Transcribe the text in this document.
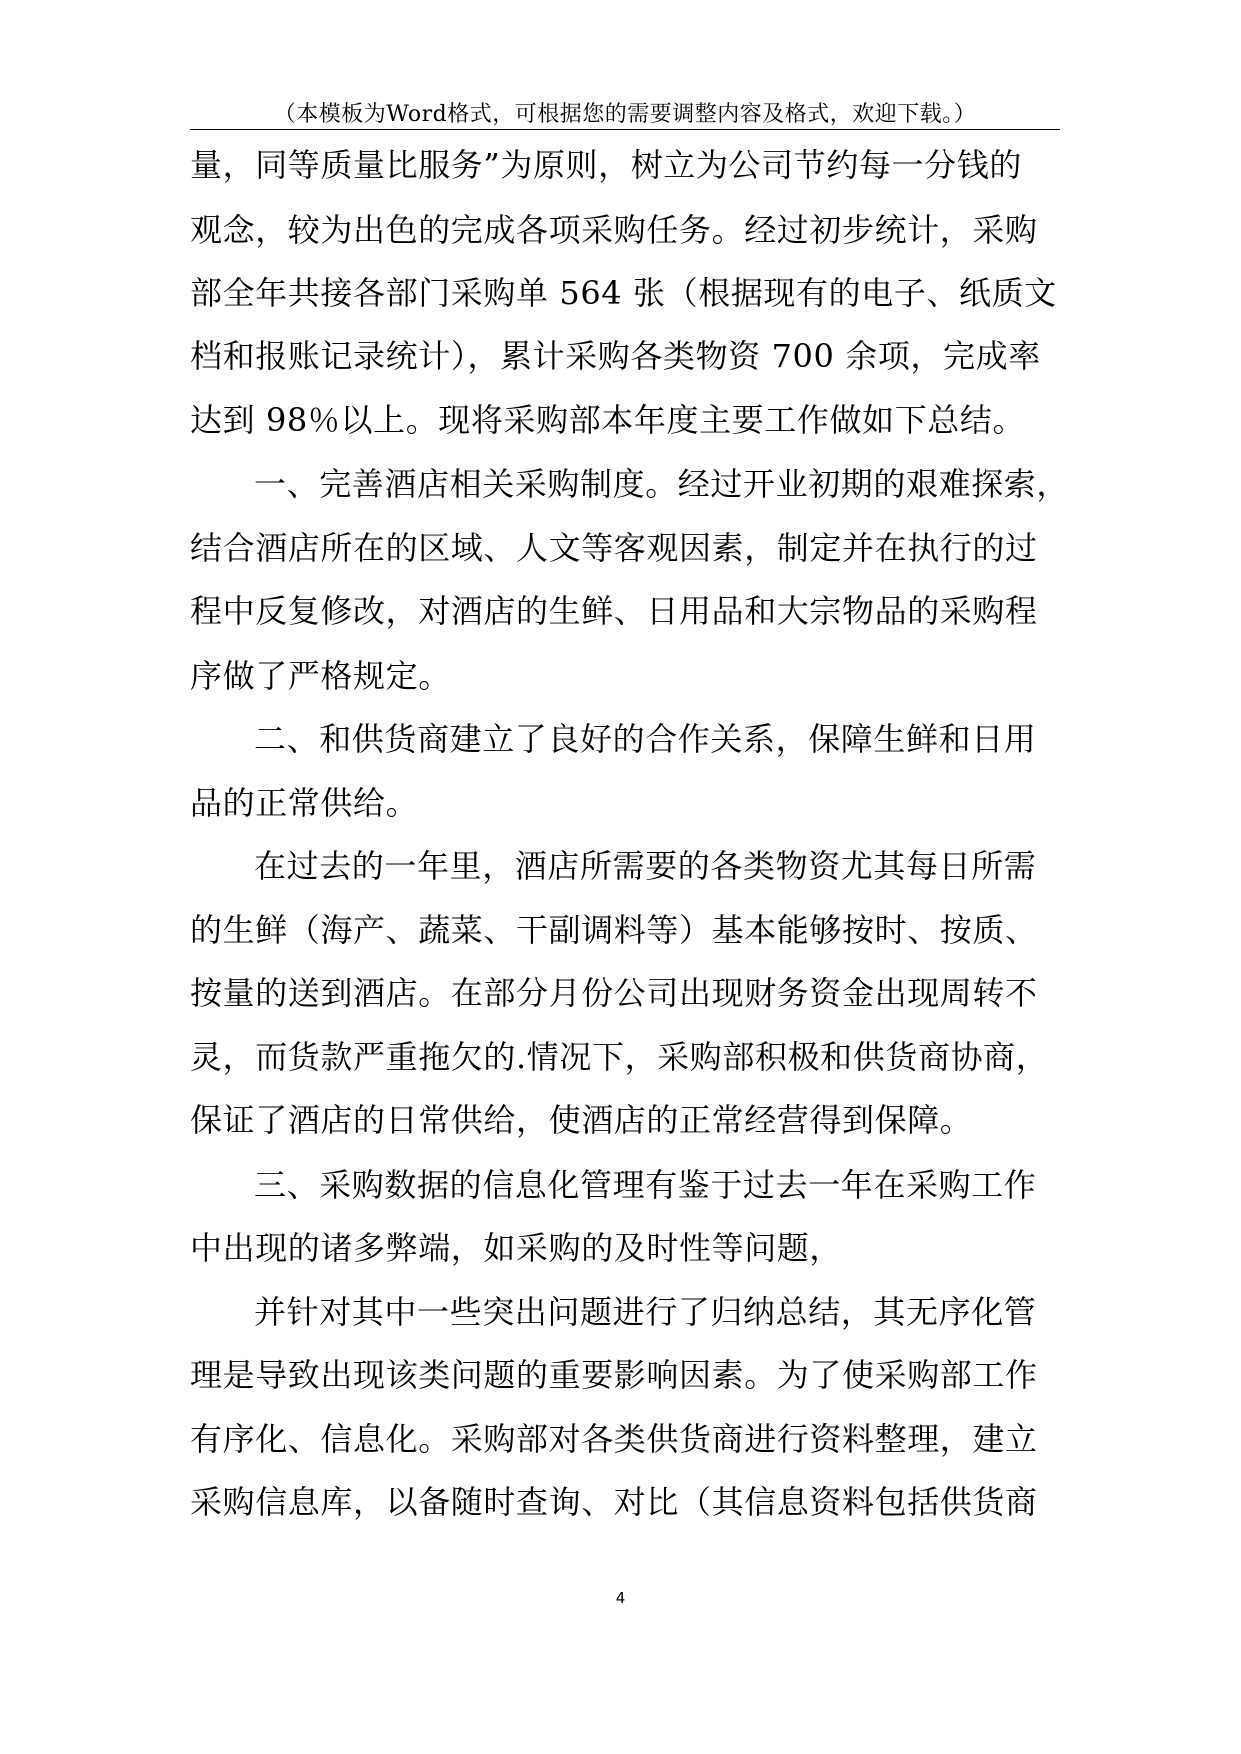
（本模板为Word格式，可根据您的需要调整内容及格式，欢迎下载。）
量，同等质量比服务”为原则，树立为公司节约每一分钱的
观念，较为出色的完成各项采购任务。经过初步统计，采购
部全年共接各部门采购单 564 张（根据现有的电子、纸质文
档和报账记录统计），累计采购各类物资 700 余项，完成率
达到 98％以上。现将采购部本年度主要工作做如下总结。
一、完善酒店相关采购制度。经过开业初期的艰难探索，
结合酒店所在的区域、人文等客观因素，制定并在执行的过
程中反复修改，对酒店的生鲜、日用品和大宗物品的采购程
序做了严格规定。
二、和供货商建立了良好的合作关系，保障生鲜和日用
品的正常供给。
在过去的一年里，酒店所需要的各类物资尤其每日所需
的生鲜（海产、蔬菜、干副调料等）基本能够按时、按质、
按量的送到酒店。在部分月份公司出现财务资金出现周转不
灵，而货款严重拖欠的.情况下，采购部积极和供货商协商，
保证了酒店的日常供给，使酒店的正常经营得到保障。
三、采购数据的信息化管理有鉴于过去一年在采购工作
中出现的诸多弊端，如采购的及时性等问题，
并针对其中一些突出问题进行了归纳总结，其无序化管
理是导致出现该类问题的重要影响因素。为了使采购部工作
有序化、信息化。采购部对各类供货商进行资料整理，建立
采购信息库，以备随时查询、对比（其信息资料包括供货商
4
